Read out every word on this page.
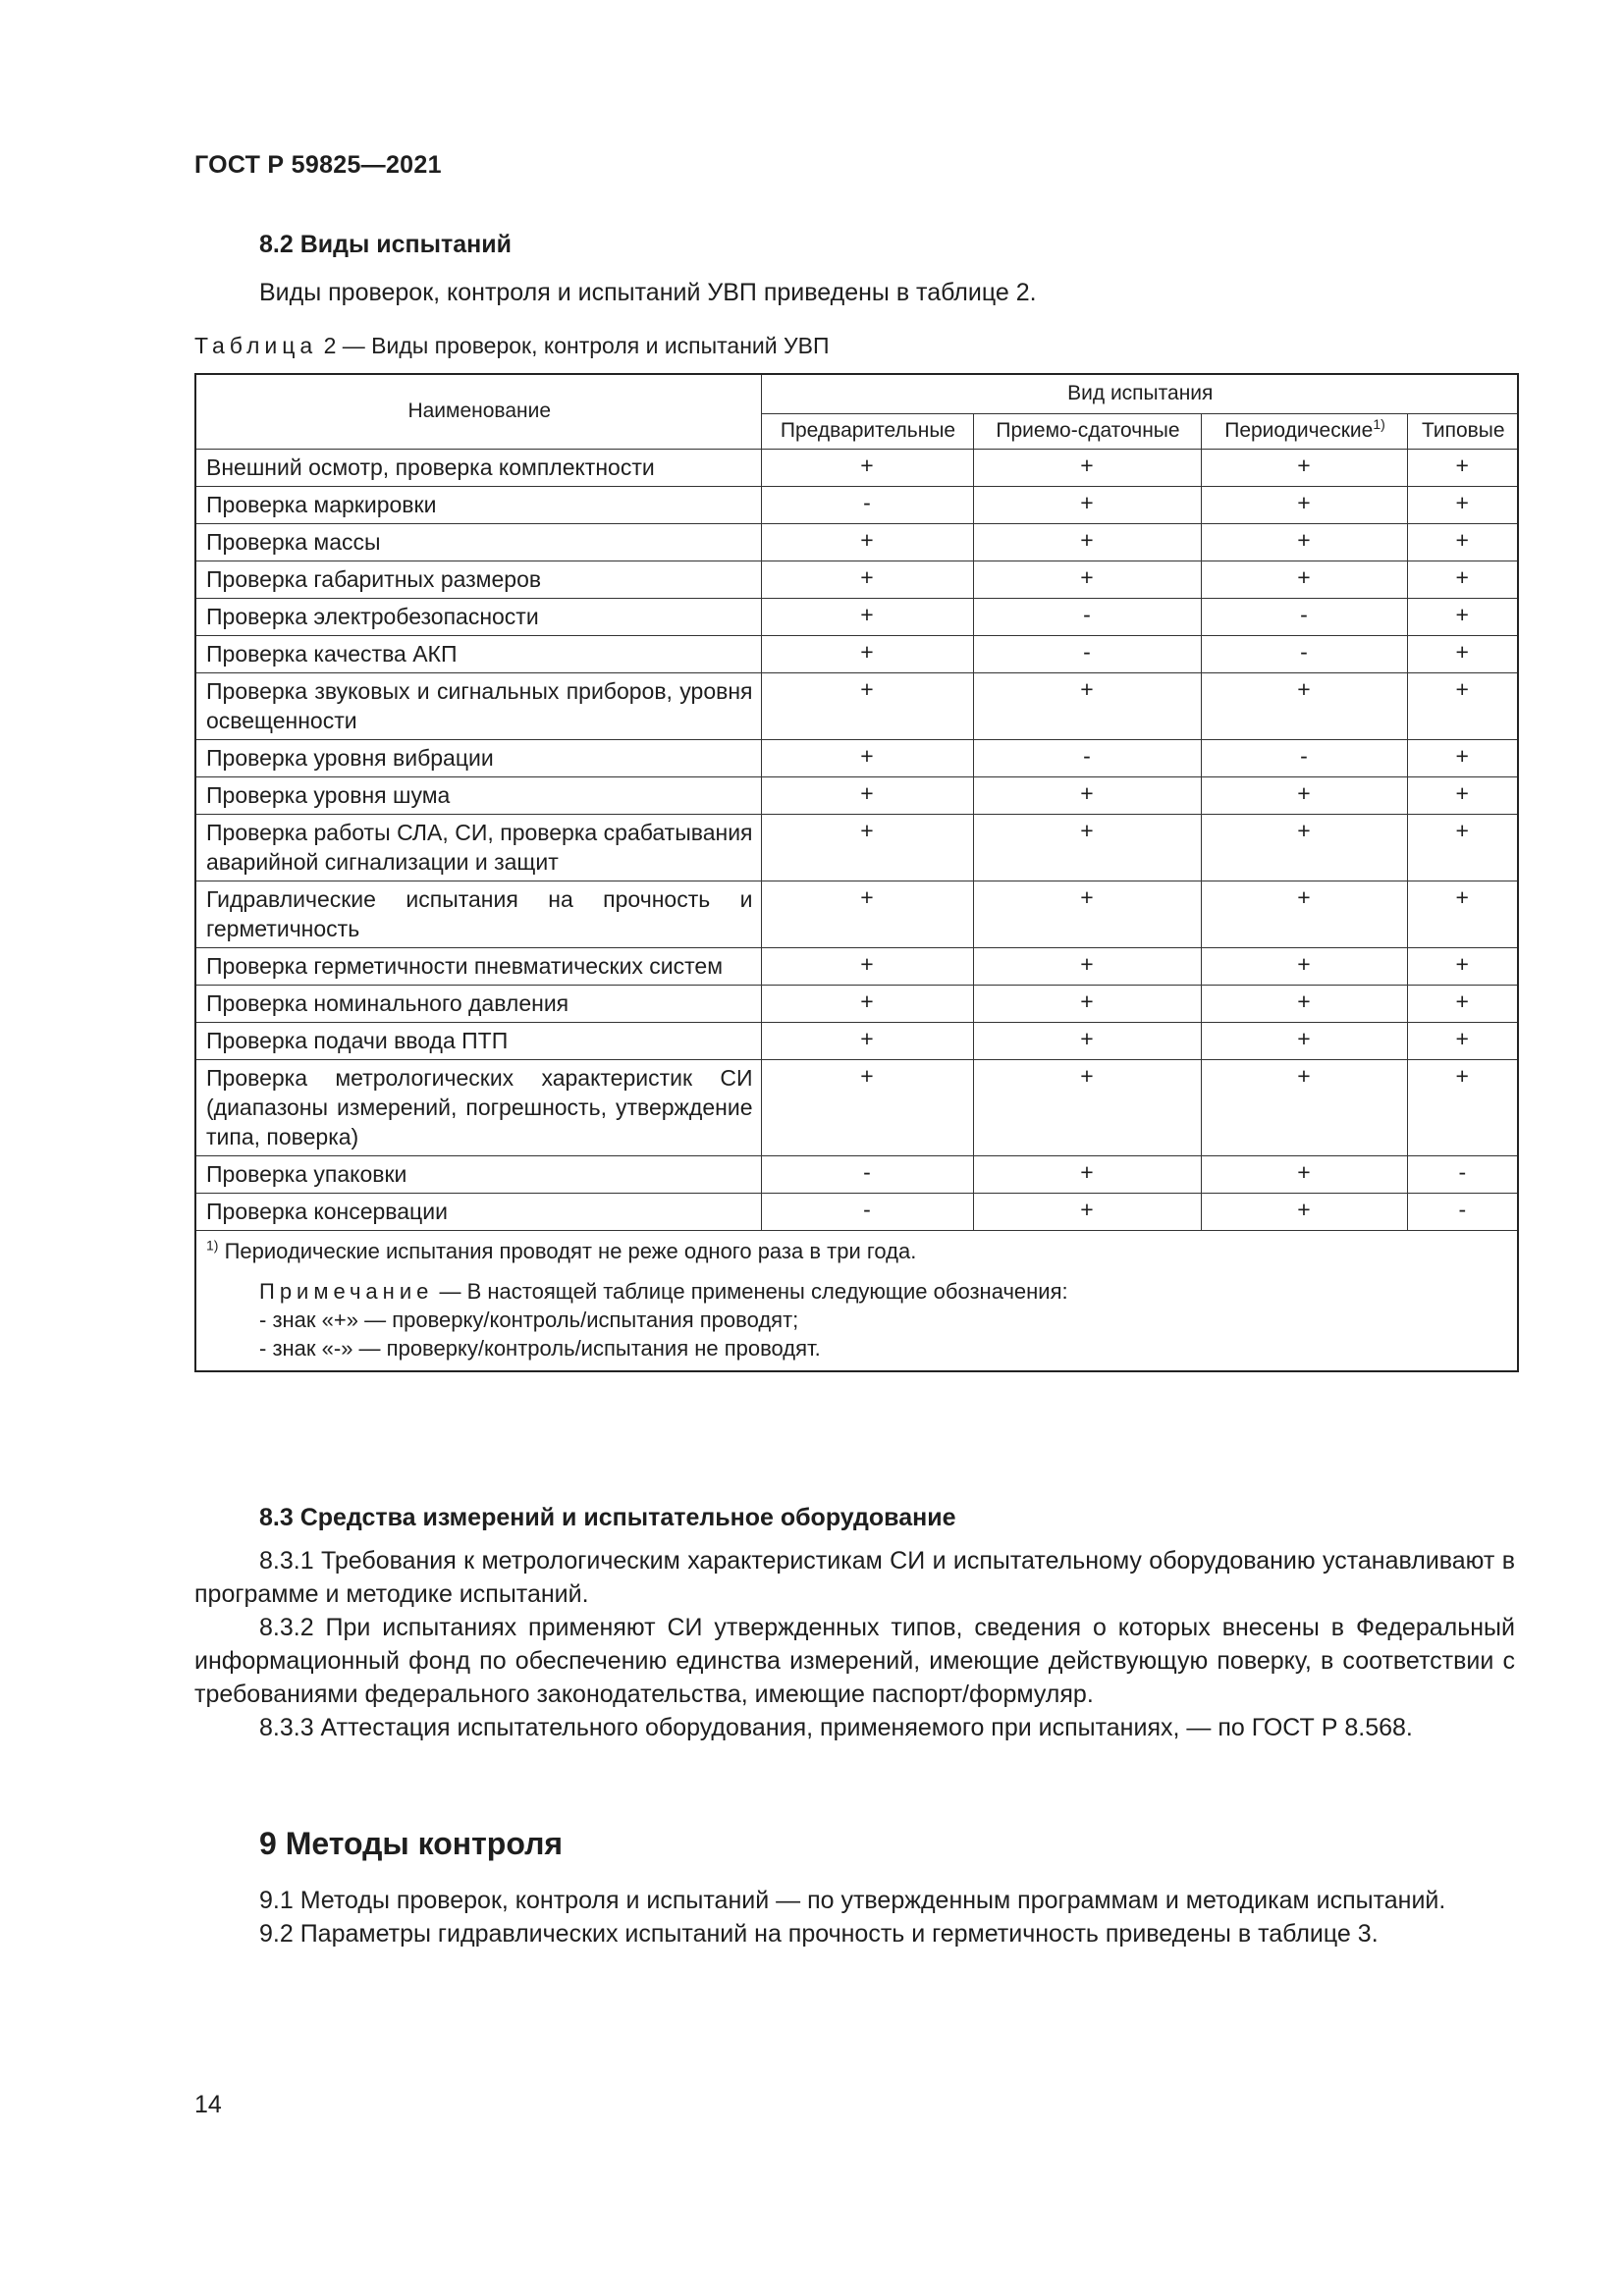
ГОСТ Р 59825—2021
8.2 Виды испытаний
Виды проверок, контроля и испытаний УВП приведены в таблице 2.
Таблица 2 — Виды проверок, контроля и испытаний УВП
Наименование	Вид испытания			
	Предварительные	Приемо-сдаточные	Периодические$^{1)}$	Типовые
Внешний осмотр, проверка комплектности	+	+	+	+
Проверка маркировки	-	+	+	+
Проверка массы	+	+	+	+
Проверка габаритных размеров	+	+	+	+
Проверка электробезопасности	+	-	-	+
Проверка качества АКП	+	-	-	+
Проверка звуковых и сигнальных приборов, уровня освещенности	+	+	+	+
Проверка уровня вибрации	+	-	-	+
Проверка уровня шума	+	+	+	+
Проверка работы СЛА, СИ, проверка срабатывания аварийной сигнализации и защит	+	+	+	+
Гидравлические испытания на прочность и герметичность	+	+	+	+
Проверка герметичности пневматических систем	+	+	+	+
Проверка номинального давления	+	+	+	+
Проверка подачи ввода ПТП	+	+	+	+
Проверка метрологических характеристик СИ (диапазоны измерений, погрешность, утверждение типа, поверка)	+	+	+	+
Проверка упаковки	-	+	+	-
Проверка консервации	-	+	+	-

$^{1)}$ Периодические испытания проводят не реже одного раза в три года.
Примечание — В настоящей таблице применены следующие обозначения:
- знак «+» — проверку/контроль/испытания проводят;
- знак «-» — проверку/контроль/испытания не проводят.				
8.3 Средства измерений и испытательное оборудование
8.3.1 Требования к метрологическим характеристикам СИ и испытательному оборудованию устанавливают в программе и методике испытаний.
8.3.2 При испытаниях применяют СИ утвержденных типов, сведения о которых внесены в Федеральный информационный фонд по обеспечению единства измерений, имеющие действующую поверку, в соответствии с требованиями федерального законодательства, имеющие паспорт/формуляр.
8.3.3 Аттестация испытательного оборудования, применяемого при испытаниях, — по ГОСТ Р 8.568.
9 Методы контроля
9.1 Методы проверок, контроля и испытаний — по утвержденным программам и методикам испытаний.
9.2 Параметры гидравлических испытаний на прочность и герметичность приведены в таблице 3.
14
